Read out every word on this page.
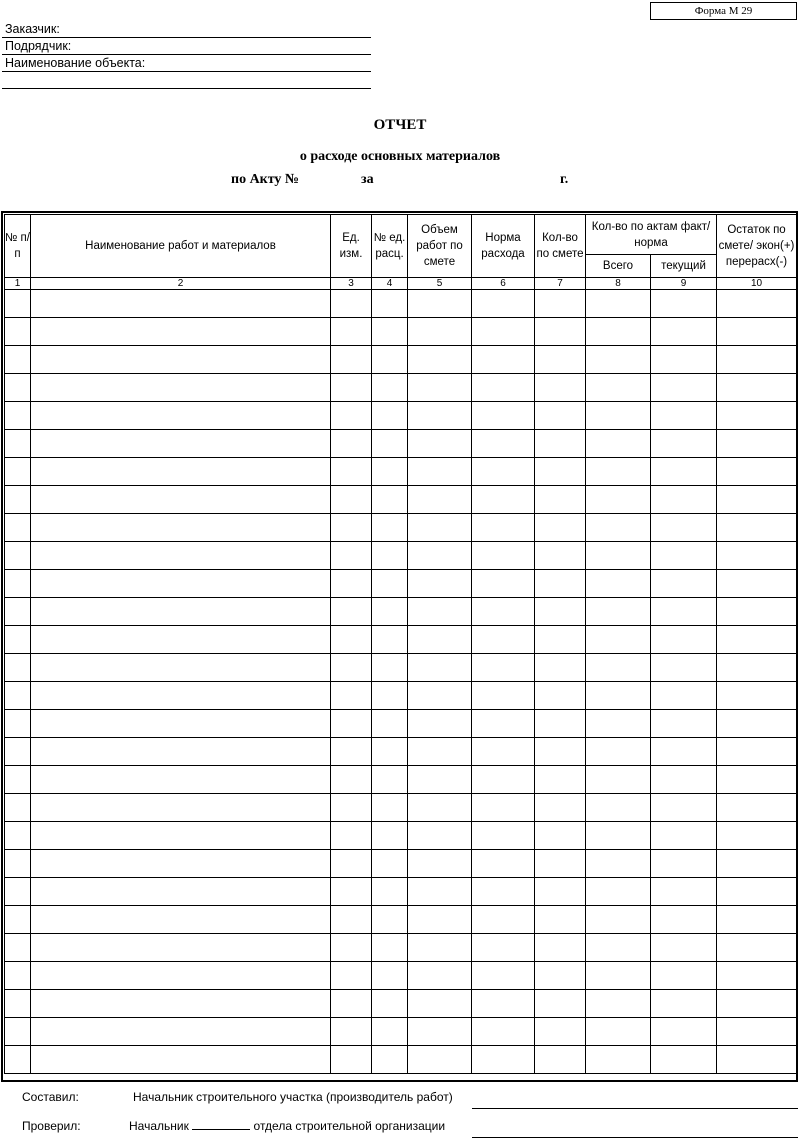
Форма М 29
Заказчик:
Подрядчик:
Наименование объекта:
ОТЧЕТ
о расходе основных материалов
по Акту №	за	г.
№ п/п	Наименование работ и материалов	Ед. изм.	№ ед. расц.	Объем работ по смете	Норма расхода	Кол-во по смете	Кол-во по актам факт/норма		Остаток по смете/ экон(+) перерасх(-)
							Всего	текущий	
1	2	3	4	5	6	7	8	9	10

Составил:	Начальник строительного участка (производитель работ)
Проверил:	Начальник	отдела строительной организации
